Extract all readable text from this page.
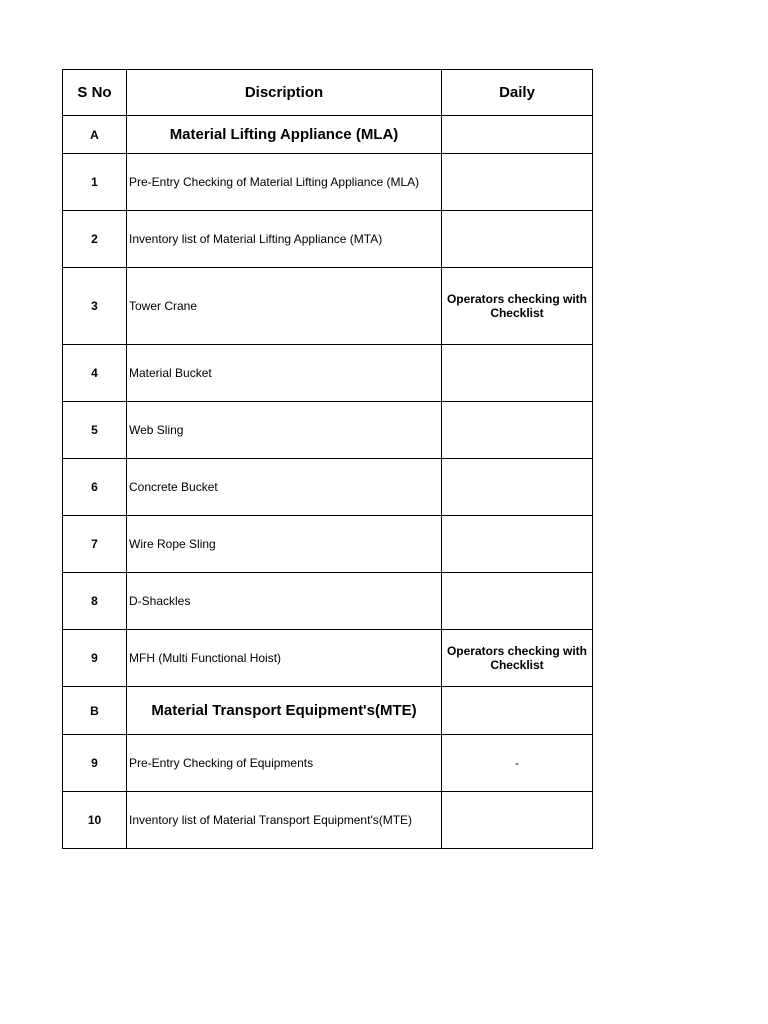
S No	Discription	Daily
A	Material Lifting Appliance (MLA)	
1	Pre-Entry Checking of Material Lifting Appliance (MLA)	
2	Inventory list of Material Lifting Appliance (MTA)	
3	Tower Crane	Operators checking with Checklist
4	Material Bucket	
5	Web Sling	
6	Concrete Bucket	
7	Wire Rope Sling	
8	D-Shackles	
9	MFH (Multi Functional Hoist)	Operators checking with Checklist
B	Material Transport Equipment's(MTE)	
9	Pre-Entry Checking of Equipments	-
10	Inventory list of Material Transport Equipment's(MTE)	
